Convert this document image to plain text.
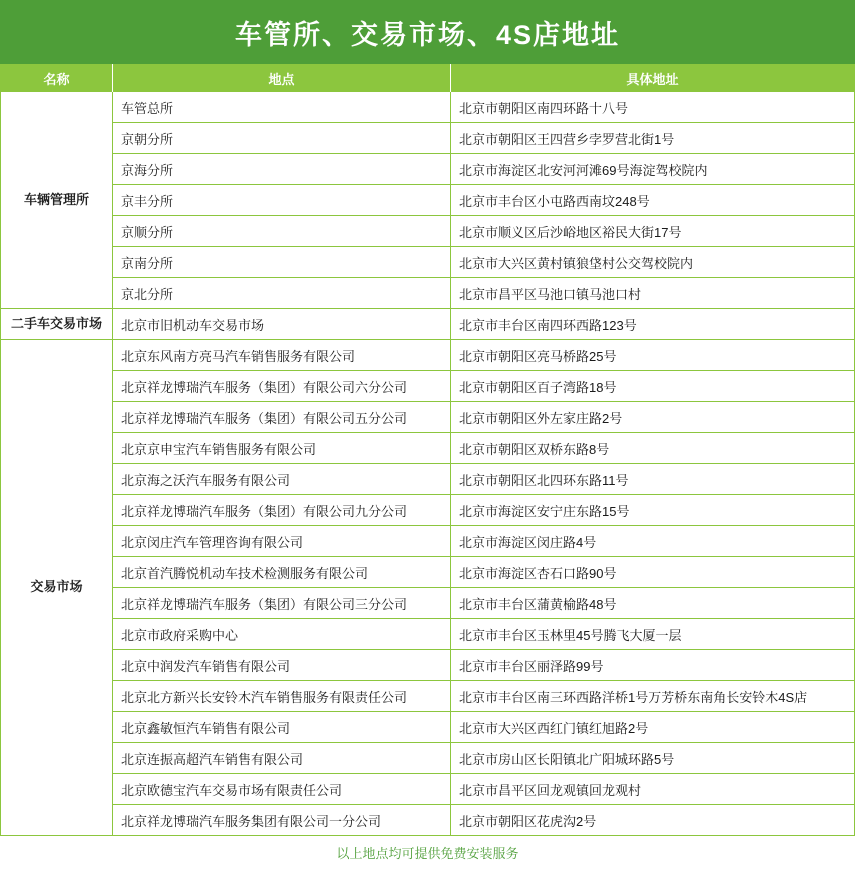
车管所、交易市场、4S店地址
名称	地点	具体地址
车辆管理所
车管总所	北京市朝阳区南四环路十八号
京朝分所	北京市朝阳区王四营乡孛罗营北街1号
京海分所	北京市海淀区北安河河滩69号海淀驾校院内
京丰分所	北京市丰台区小屯路西南坟248号
京顺分所	北京市顺义区后沙峪地区裕民大街17号
京南分所	北京市大兴区黄村镇狼垡村公交驾校院内
京北分所	北京市昌平区马池口镇马池口村
二手车交易市场	北京市旧机动车交易市场	北京市丰台区南四环西路123号
交易市场
北京东风南方亮马汽车销售服务有限公司	北京市朝阳区亮马桥路25号
北京祥龙博瑞汽车服务（集团）有限公司六分公司	北京市朝阳区百子湾路18号
北京祥龙博瑞汽车服务（集团）有限公司五分公司	北京市朝阳区外左家庄路2号
北京京申宝汽车销售服务有限公司	北京市朝阳区双桥东路8号
北京海之沃汽车服务有限公司	北京市朝阳区北四环东路11号
北京祥龙博瑞汽车服务（集团）有限公司九分公司	北京市海淀区安宁庄东路15号
北京闵庄汽车管理咨询有限公司	北京市海淀区闵庄路4号
北京首汽腾悦机动车技术检测服务有限公司	北京市海淀区杏石口路90号
北京祥龙博瑞汽车服务（集团）有限公司三分公司	北京市丰台区蒲黄榆路48号
北京市政府采购中心	北京市丰台区玉林里45号腾飞大厦一层
北京中润发汽车销售有限公司	北京市丰台区丽泽路99号
北京北方新兴长安铃木汽车销售服务有限责任公司	北京市丰台区南三环西路洋桥1号万芳桥东南角长安铃木4S店
北京鑫敏恒汽车销售有限公司	北京市大兴区西红门镇红旭路2号
北京连振高超汽车销售有限公司	北京市房山区长阳镇北广阳城环路5号
北京欧德宝汽车交易市场有限责任公司	北京市昌平区回龙观镇回龙观村
北京祥龙博瑞汽车服务集团有限公司一分公司	北京市朝阳区花虎沟2号
以上地点均可提供免费安装服务
